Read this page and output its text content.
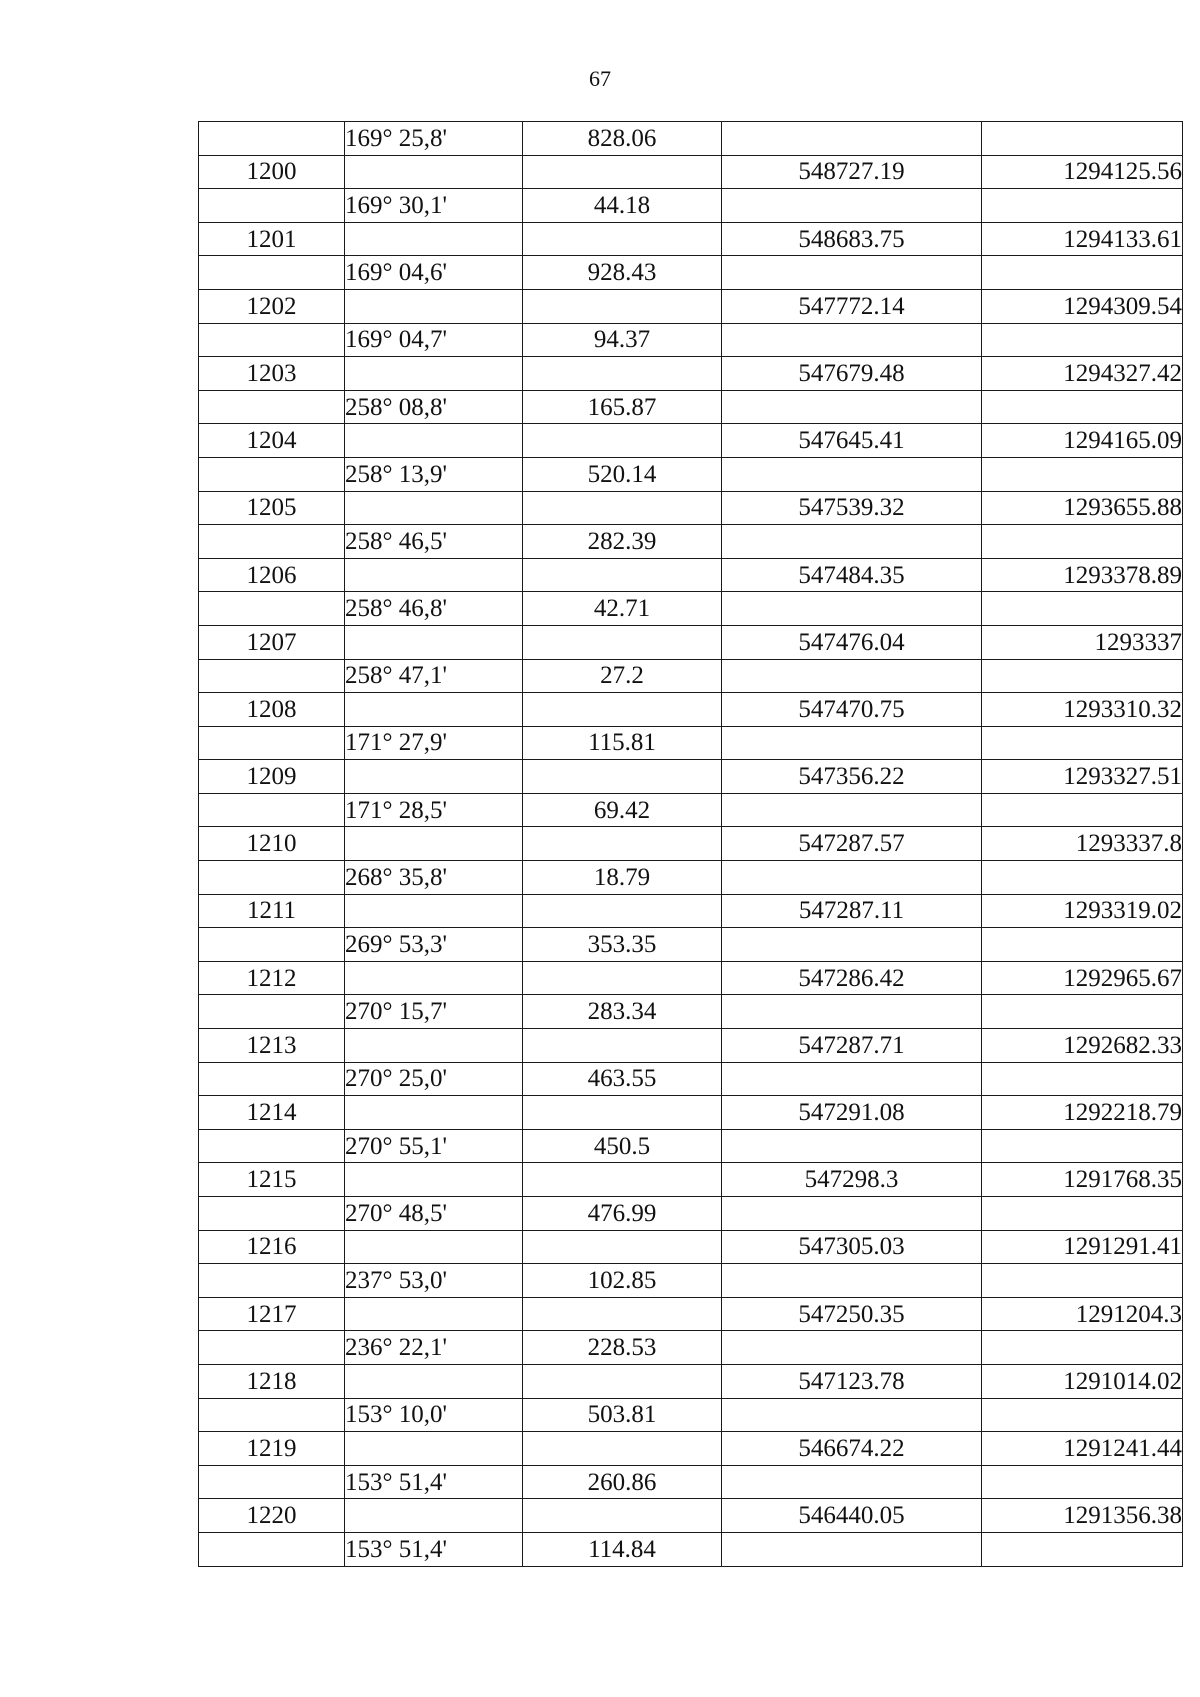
67
	169° 25,8'	828.06		
1200			548727.19	1294125.56
	169° 30,1'	44.18		
1201			548683.75	1294133.61
	169° 04,6'	928.43		
1202			547772.14	1294309.54
	169° 04,7'	94.37		
1203			547679.48	1294327.42
	258° 08,8'	165.87		
1204			547645.41	1294165.09
	258° 13,9'	520.14		
1205			547539.32	1293655.88
	258° 46,5'	282.39		
1206			547484.35	1293378.89
	258° 46,8'	42.71		
1207			547476.04	1293337
	258° 47,1'	27.2		
1208			547470.75	1293310.32
	171° 27,9'	115.81		
1209			547356.22	1293327.51
	171° 28,5'	69.42		
1210			547287.57	1293337.8
	268° 35,8'	18.79		
1211			547287.11	1293319.02
	269° 53,3'	353.35		
1212			547286.42	1292965.67
	270° 15,7'	283.34		
1213			547287.71	1292682.33
	270° 25,0'	463.55		
1214			547291.08	1292218.79
	270° 55,1'	450.5		
1215			547298.3	1291768.35
	270° 48,5'	476.99		
1216			547305.03	1291291.41
	237° 53,0'	102.85		
1217			547250.35	1291204.3
	236° 22,1'	228.53		
1218			547123.78	1291014.02
	153° 10,0'	503.81		
1219			546674.22	1291241.44
	153° 51,4'	260.86		
1220			546440.05	1291356.38
	153° 51,4'	114.84		
